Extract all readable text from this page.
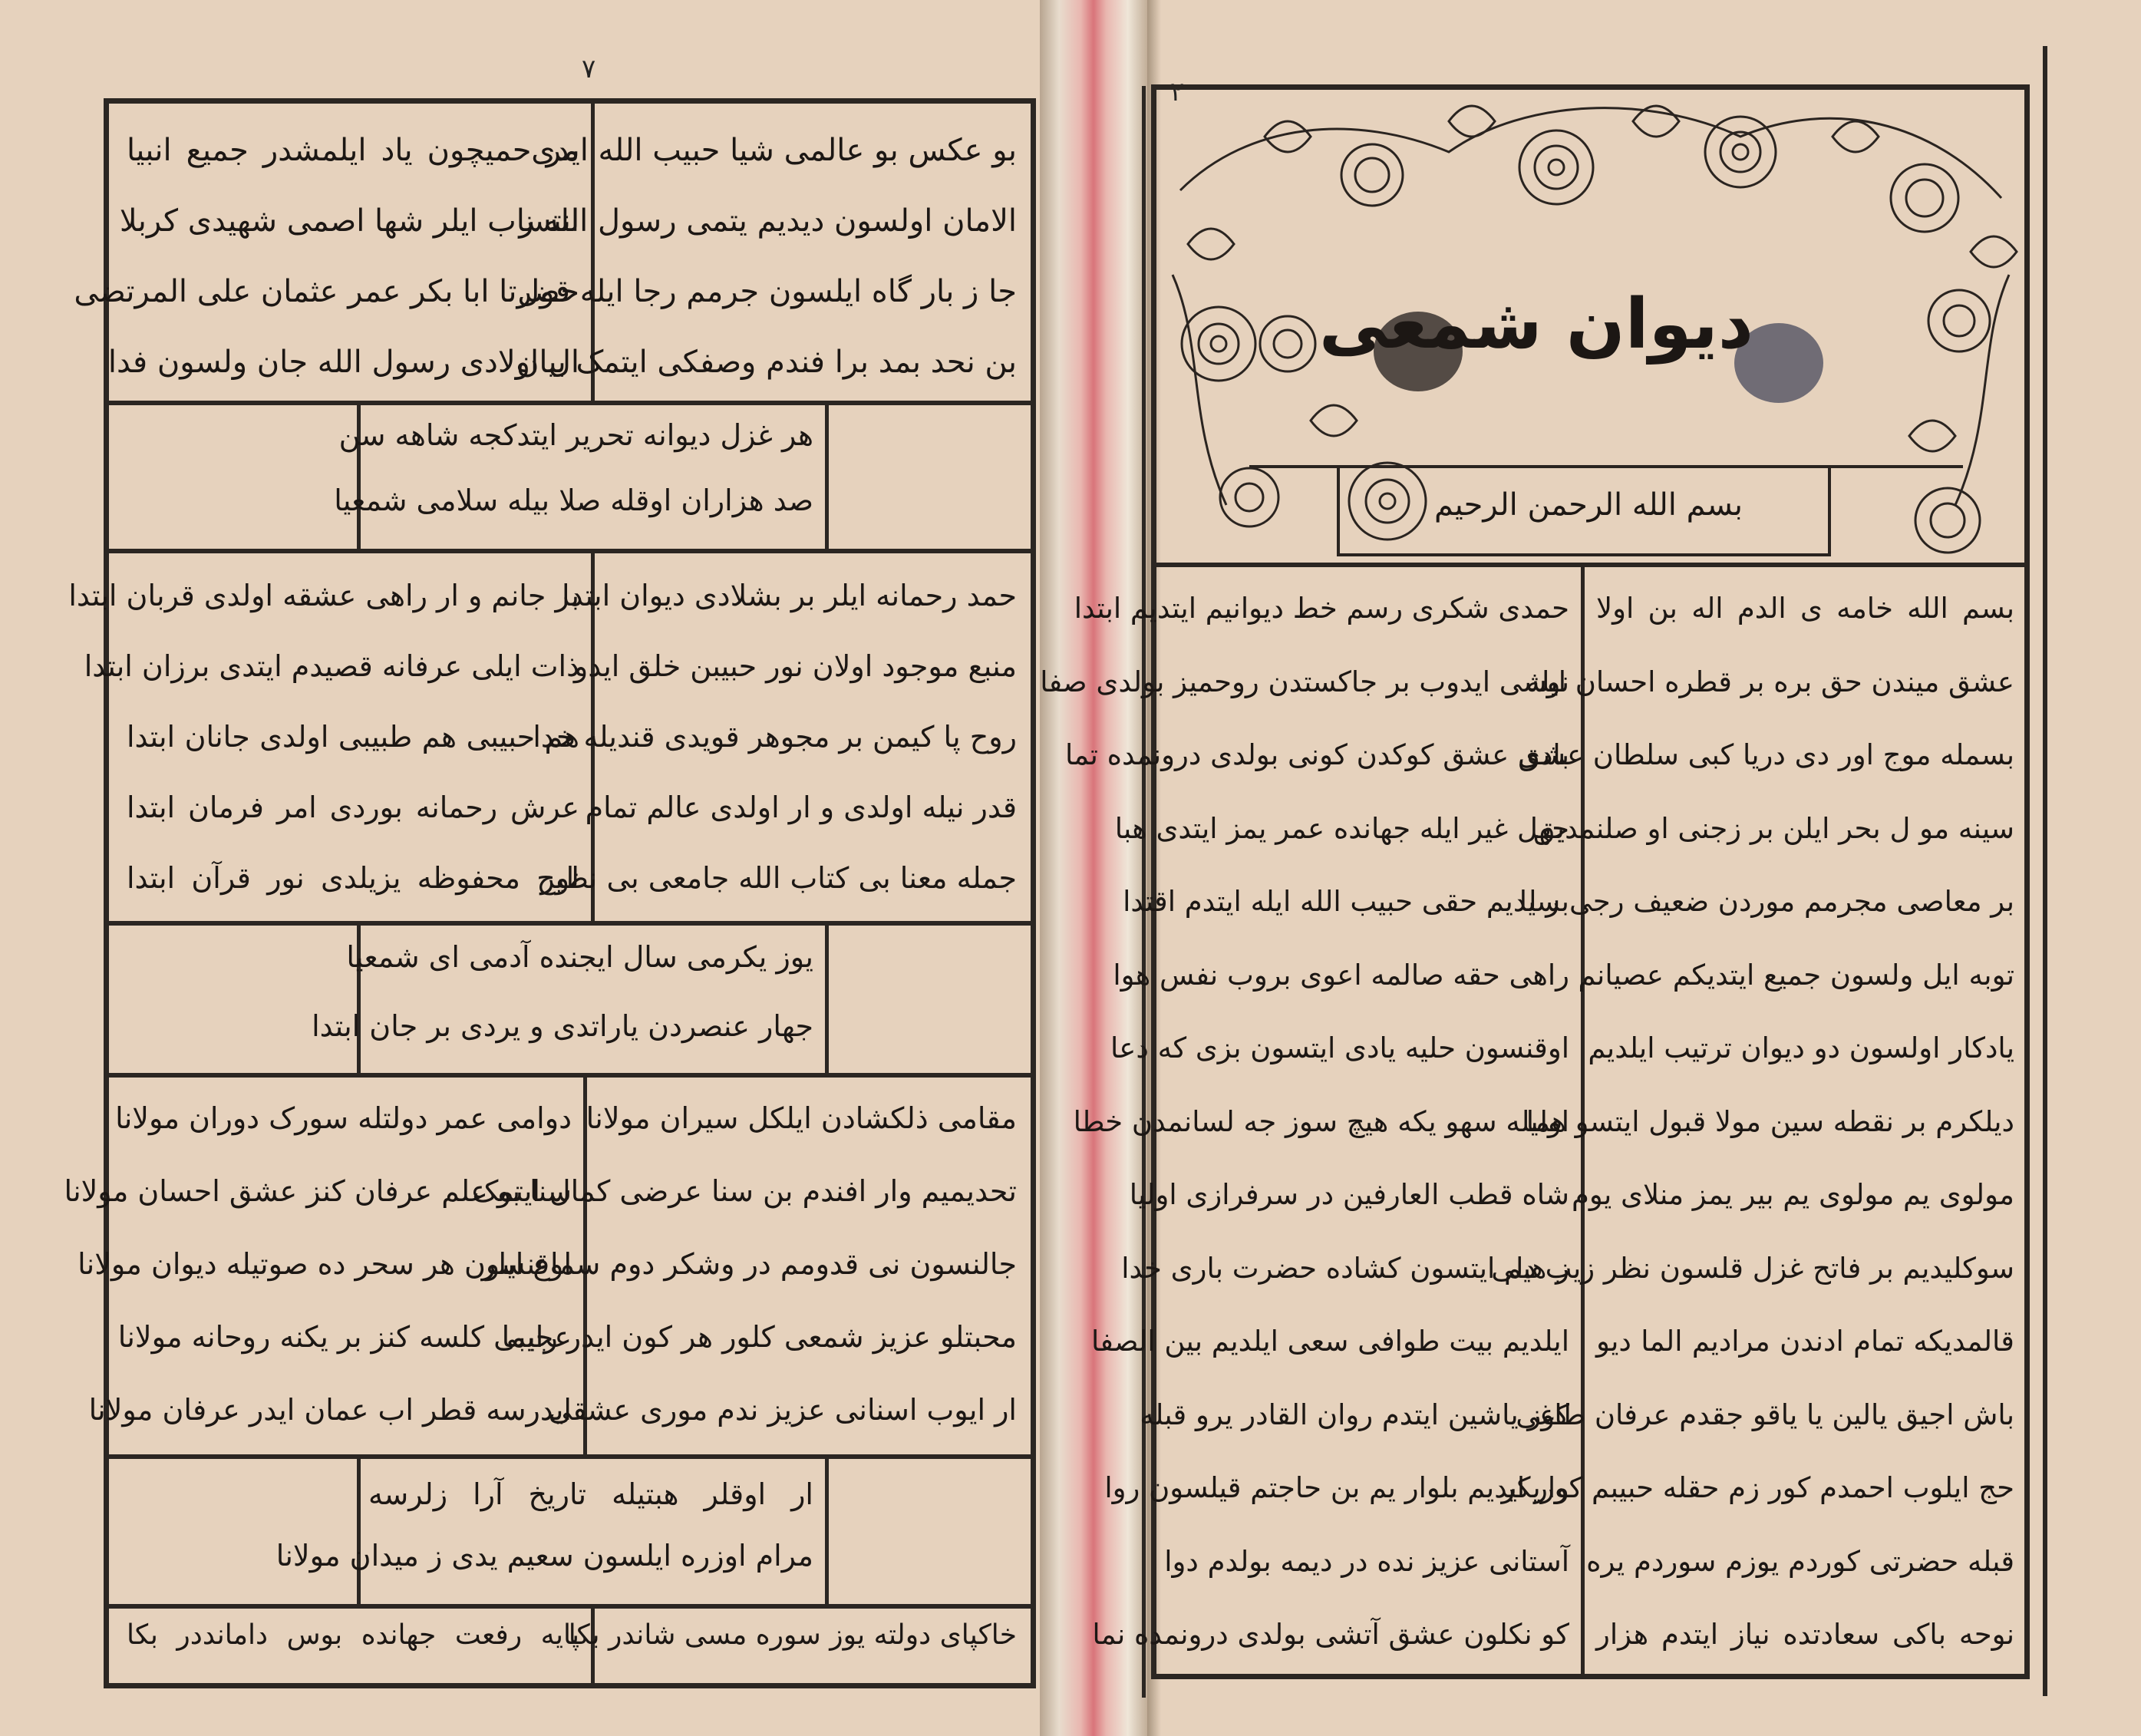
۷
بو عکس بو عالمی شیا حبیب الله ایدی
الامان اولسون دیدیم یتمی رسول الله ز
جا ز بار گاه ایلسون جرمم رجا ایله قول
بن نحد بمد برا فندم وصفکی ایتمک بیان
مر حمیچون یاد ایلمشدر جمیع انبیا
انتساب ایلر شها اصمی شهیدی کربلا
حضرتا ابا بکر عمر عثمان علی المرتضی
ال اولادی رسول الله جان ولسون فدا
هر غزل دیوانه تحریر ایتدکجه شاهه سن
صد هزاران اوقله صلا بیله سلامی شمعیا
حمد رحمانه ایلر بر بشلادی دیوان ابتدا
منبع موجود اولان نور حبیبن خلق ایدو
روح پا کیمن بر مجوهر قویدی قندیله خدا
قدر نیله اولدی و ار اولدی عالم تمام
جمله معنا بی کتاب الله جامعی بی نظیر
بر جانم و ار راهی عشقه اولدی قربان ابتدا
ذات ایلی عرفانه قصیدم ایتدی برزان ابتدا
هم حبیبی هم طبیبی اولدی جانان ابتدا
عرش رحمانه بوردی امر فرمان ابتدا
لوح محفوظه یزیلدی نور قرآن ابتدا
یوز یکرمی سال ایجنده آدمی ای شمعیا
جهار عنصردن یاراتدی و یردی بر جان ابتدا
مقامی ذلکشادن ایلکل سیران مولانا
تحدیمیم وار افندم بن سنا عرضی کمال ایتمک
جالنسون نی قدومم در وشکر دوم سماع ایلر
محبتلو عزیز شمعی کلور هر کون ایدر رابما
ار ایوب اسنانی عزیز ندم موری عشقی
دوامی عمر دولتله سورک دوران مولانا
سنا بو علم عرفان کنز عشق احسان مولانا
اوقنسون هر سحر ده صوتیله دیوان مولانا
عجیبی کلسه کنز بر یکنه روحانه مولانا
ایدرسه قطر اب عمان ایدر عرفان مولانا
ار اوقلر هبتیله تاریخ آرا زلرسه
مرام اوزره ایلسون سعیم یدی ز میدان مولانا
خاکپای دولته یوز سوره مسی شاندر بکا
پایه رفعت جهانده بوس دامانددر بکا
۲
دیوان شمعی
بسم الله الرحمن الرحیم
بسم الله خامه ی الدم اله بن اولا
عشق میندن حق بره بر قطره احسان ایله
بسمله موج اور دی دریا کبی سلطان عشق
سینه مو ل بحر ایلن بر زجنی او صلنمدیق
بر معاصی مجرمم موردن ضعیف رجی سیا
توبه ایل ولسون جمیع ایتدیکم عصیانم
یادکار اولسون دو دیوان ترتیب ایلدیم
دیلکرم بر نقطه سین مولا قبول ایتسو هما
مولوی یم مولوی یم بیر یمز منلای یوم
سوکلیدیم بر فاتح غزل قلسون نظر زیب دلی
قالمدیکه تمام ادندن مرادیم الما دیو
باش اجیق یالین یا یاقو جقدم عرفان طاغی
حج ایلوب احمدم کور زم حقله حبیبم کوریکر
قبله حضرتی کوردم یوزم سوردم یره
نوحه باکی سعادتده نیاز ایتدم هزار
حمدی شکری رسم خط دیوانیم ایتدیم ابتدا
نوشی ایدوب بر جاکستدن روحمیز بولدی صفا
بادی عشق کوکدن کونی بولدی درونمده تما
جهل غیر ایله جهانده عمر یمز ایتدی هبا
بر لدیم حقی حبیب الله ایله ایتدم اقتدا
راهی حقه صالمه اعوی بروب نفس هوا
اوقنسون حلیه یادی ایتسون بزی که دعا
اولیله سهو یکه هیچ سوز جه لسانمدن خطا
شاه قطب العارفین در سرفرازی اولیا
ز هیم ایتسون کشاده حضرت باری خدا
ایلدیم بیت طوافی سعی ایلدیم بین الصفا
کوز یاشین ایتدم روان القادر یرو قبله
وار ایدیم بلوار یم بن حاجتم قیلسون روا
آستانی عزیز نده در دیمه بولدم دوا
کو نکلون عشق آتشی بولدی درونمده نما
